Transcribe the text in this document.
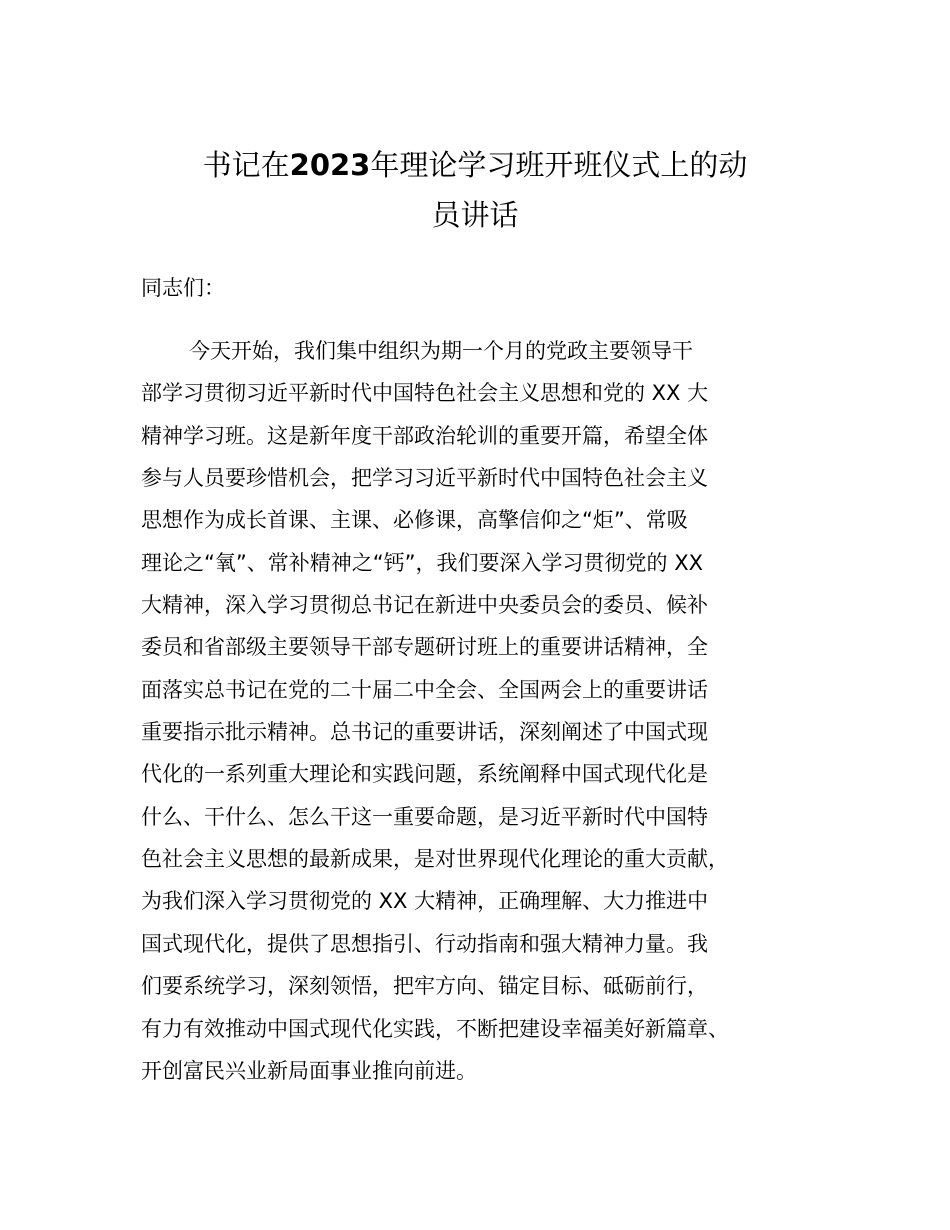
书记在2023年理论学习班开班仪式上的动
员讲话

同志们：

今天开始，我们集中组织为期一个月的党政主要领导干
部学习贯彻习近平新时代中国特色社会主义思想和党的 XX 大
精神学习班。这是新年度干部政治轮训的重要开篇，希望全体
参与人员要珍惜机会，把学习习近平新时代中国特色社会主义
思想作为成长首课、主课、必修课，高擎信仰之“炬”、常吸
理论之“氧”、常补精神之“钙”，我们要深入学习贯彻党的 XX
大精神，深入学习贯彻总书记在新进中央委员会的委员、候补
委员和省部级主要领导干部专题研讨班上的重要讲话精神，全
面落实总书记在党的二十届二中全会、全国两会上的重要讲话
重要指示批示精神。总书记的重要讲话，深刻阐述了中国式现
代化的一系列重大理论和实践问题，系统阐释中国式现代化是
什么、干什么、怎么干这一重要命题，是习近平新时代中国特
色社会主义思想的最新成果，是对世界现代化理论的重大贡献，
为我们深入学习贯彻党的 XX 大精神，正确理解、大力推进中
国式现代化，提供了思想指引、行动指南和强大精神力量。我
们要系统学习，深刻领悟，把牢方向、锚定目标、砥砺前行，
有力有效推动中国式现代化实践，不断把建设幸福美好新篇章、
开创富民兴业新局面事业推向前进。
